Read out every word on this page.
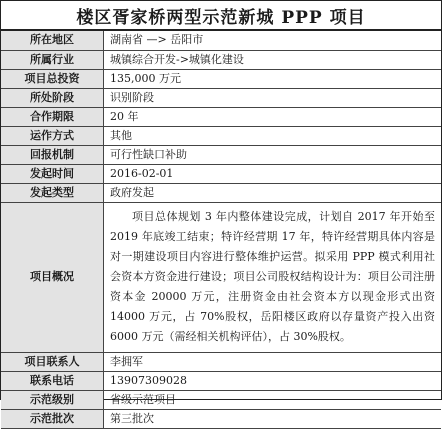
楼区胥家桥两型示范新城 PPP 项目
所在地区	湖南省 —> 岳阳市
所属行业	城镇综合开发->城镇化建设
项目总投资	135,000 万元
所处阶段	识别阶段
合作期限	20 年
运作方式	其他
回报机制	可行性缺口补助
发起时间	2016-02-01
发起类型	政府发起
项目概况	项目总体规划 3 年内整体建设完成，计划自 2017 年开始至 2019 年底竣工结束；特许经营期 17 年，特许经营期具体内容是对一期建设项目内容进行整体维护运营。拟采用 PPP 模式利用社会资本方资金进行建设；项目公司股权结构设计为：项目公司注册资本金 20000 万元，注册资金由社会资本方以现金形式出资 14000 万元，占 70%股权，岳阳楼区政府以存量资产投入出资 6000 万元（需经相关机构评估），占 30%股权。
项目联系人	李拥军
联系电话	13907309028
示范级别	省级示范项目
示范批次	第三批次
